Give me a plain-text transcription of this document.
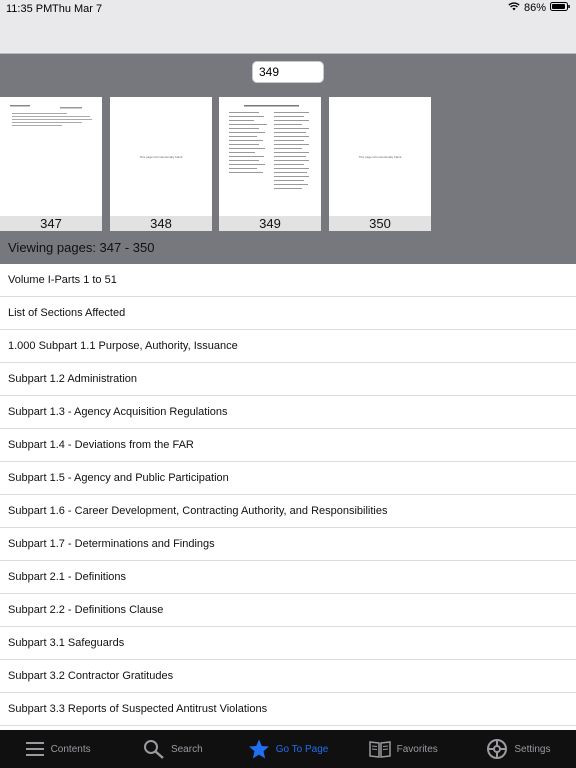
11:35 PM Thu Mar 7	86%
349
347
This page left intentionally blank
348	349
This page left intentionally blank
350
Viewing pages: 347 - 350
Volume I-Parts 1 to 51
List of Sections Affected
1.000 Subpart 1.1 Purpose, Authority, Issuance
Subpart 1.2 Administration
Subpart 1.3 - Agency Acquisition Regulations
Subpart 1.4 - Deviations from the FAR
Subpart 1.5 - Agency and Public Participation
Subpart 1.6 - Career Development, Contracting Authority, and Responsibilities
Subpart 1.7 - Determinations and Findings
Subpart 2.1 - Definitions
Subpart 2.2 - Definitions Clause
Subpart 3.1 Safeguards
Subpart 3.2 Contractor Gratitudes
Subpart 3.3 Reports of Suspected Antitrust Violations
Contents	Search	Go To Page	Favorites	Settings
